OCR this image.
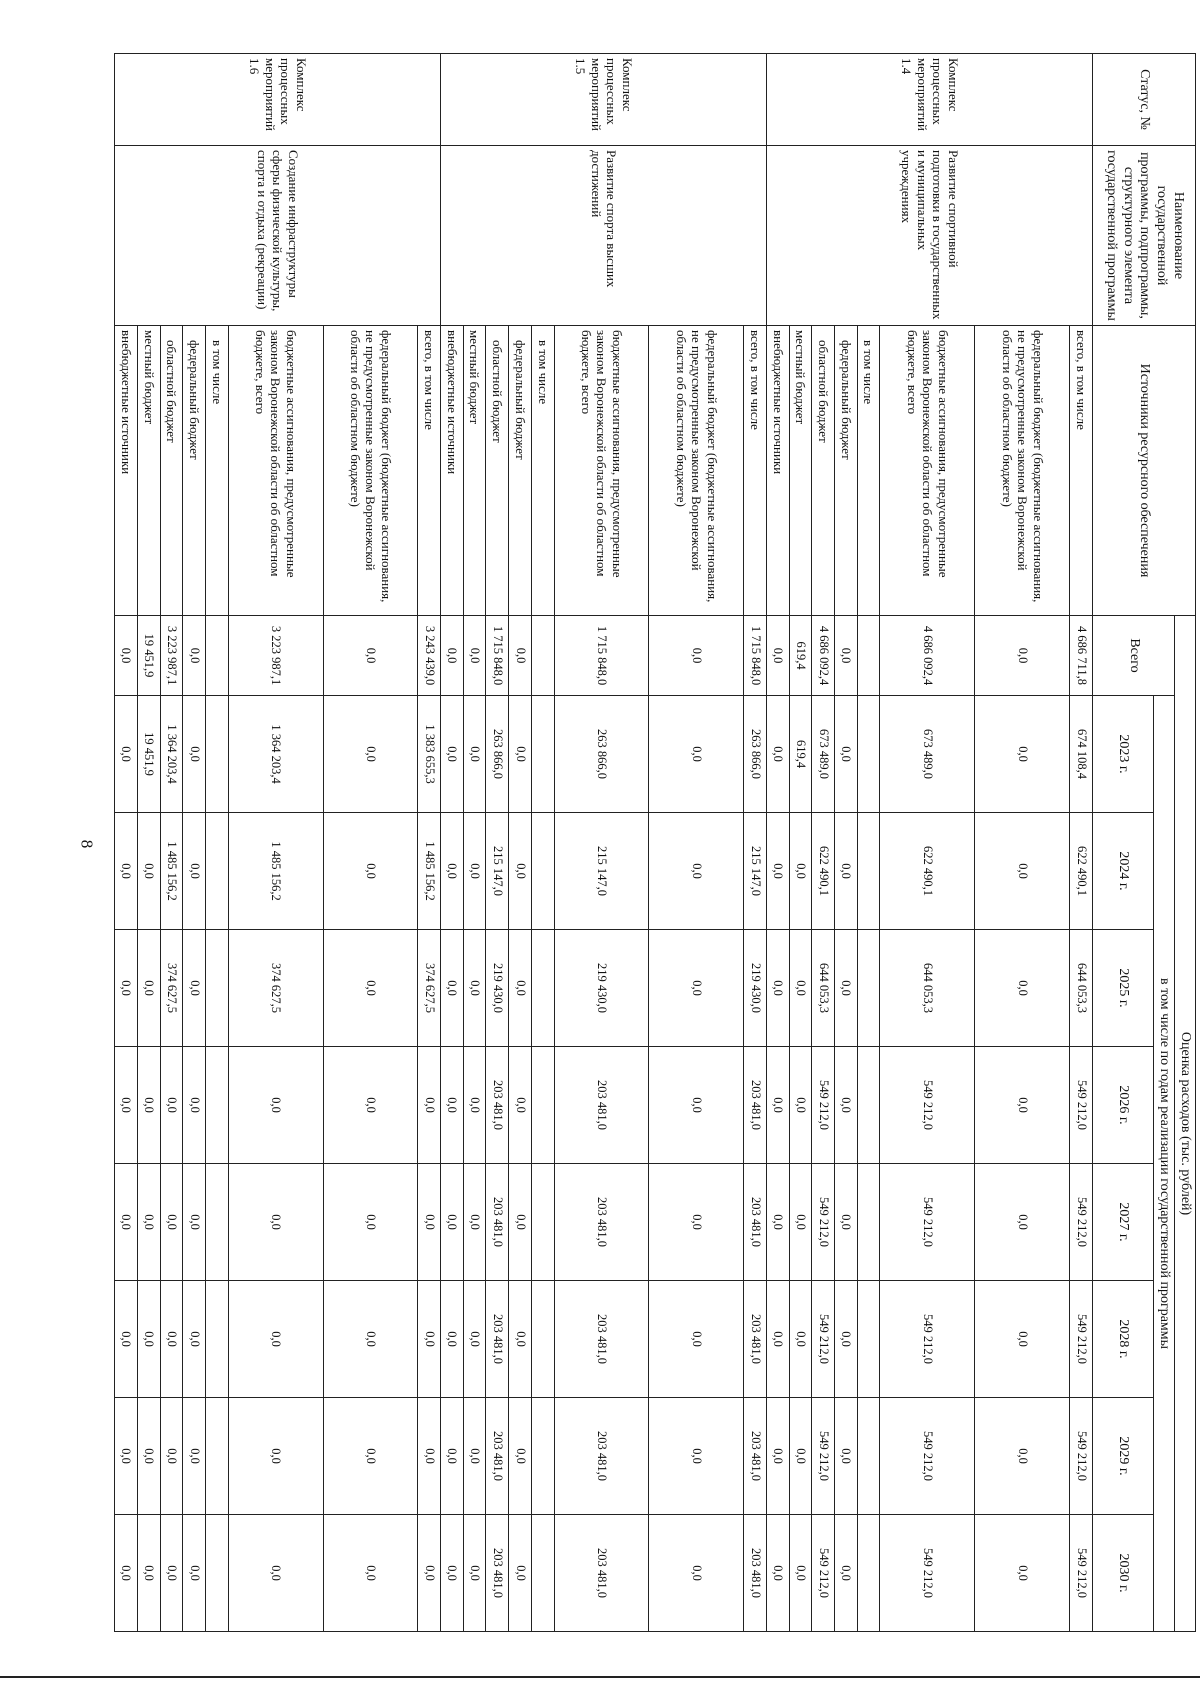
8
Статус, №	Наименование государственной программы, подпрограммы, структурного элемента государственной программы	Источники ресурсного обеспечения	Оценка расходов (тыс. рублей)								
			Всего	в том числе по годам реализации государственной программы							
				2023 г.	2024 г.	2025 г.	2026 г.	2027 г.	2028 г.	2029 г.	2030 г.
Комплекс процессных мероприятий 1.4	Развитие спортивной подготовки в государственных и муниципальных учреждениях	всего, в том числе	4 686 711,8	674 108,4	622 490,1	644 053,3	549 212,0	549 212,0	549 212,0	549 212,0	549 212,0
		федеральный бюджет (бюджетные ассигнования, не предусмотренные законом Воронежской области об областном бюджете)	0,0	0,0	0,0	0,0	0,0	0,0	0,0	0,0	0,0
		бюджетные ассигнования, предусмотренные законом Воронежской области об областном бюджете, всего	4 686 092,4	673 489,0	622 490,1	644 053,3	549 212,0	549 212,0	549 212,0	549 212,0	549 212,0
		в том числе									
		федеральный бюджет	0,0	0,0	0,0	0,0	0,0	0,0	0,0	0,0	0,0
		областной бюджет	4 686 092,4	673 489,0	622 490,1	644 053,3	549 212,0	549 212,0	549 212,0	549 212,0	549 212,0
		местный бюджет	619,4	619,4	0,0	0,0	0,0	0,0	0,0	0,0	0,0
		внебюджетные источники	0,0	0,0	0,0	0,0	0,0	0,0	0,0	0,0	0,0
Комплекс процессных мероприятий 1.5	Развитие спорта высших достижений	всего, в том числе	1 715 848,0	263 866,0	215 147,0	219 430,0	203 481,0	203 481,0	203 481,0	203 481,0	203 481,0
		федеральный бюджет (бюджетные ассигнования, не предусмотренные законом Воронежской области об областном бюджете)	0,0	0,0	0,0	0,0	0,0	0,0	0,0	0,0	0,0
		бюджетные ассигнования, предусмотренные законом Воронежской области об областном бюджете, всего	1 715 848,0	263 866,0	215 147,0	219 430,0	203 481,0	203 481,0	203 481,0	203 481,0	203 481,0
		в том числе									
		федеральный бюджет	0,0	0,0	0,0	0,0	0,0	0,0	0,0	0,0	0,0
		областной бюджет	1 715 848,0	263 866,0	215 147,0	219 430,0	203 481,0	203 481,0	203 481,0	203 481,0	203 481,0
		местный бюджет	0,0	0,0	0,0	0,0	0,0	0,0	0,0	0,0	0,0
		внебюджетные источники	0,0	0,0	0,0	0,0	0,0	0,0	0,0	0,0	0,0
Комплекс процессных мероприятий 1.6	Создание инфраструктуры сферы физической культуры, спорта и отдыха (рекреации)	всего, в том числе	3 243 439,0	1 383 655,3	1 485 156,2	374 627,5	0,0	0,0	0,0	0,0	0,0
		федеральный бюджет (бюджетные ассигнования, не предусмотренные законом Воронежской области об областном бюджете)	0,0	0,0	0,0	0,0	0,0	0,0	0,0	0,0	0,0
		бюджетные ассигнования, предусмотренные законом Воронежской области об областном бюджете, всего	3 223 987,1	1 364 203,4	1 485 156,2	374 627,5	0,0	0,0	0,0	0,0	0,0
		в том числе									
		федеральный бюджет	0,0	0,0	0,0	0,0	0,0	0,0	0,0	0,0	0,0
		областной бюджет	3 223 987,1	1 364 203,4	1 485 156,2	374 627,5	0,0	0,0	0,0	0,0	0,0
		местный бюджет	19 451,9	19 451,9	0,0	0,0	0,0	0,0	0,0	0,0	0,0
		внебюджетные источники	0,0	0,0	0,0	0,0	0,0	0,0	0,0	0,0	0,0
